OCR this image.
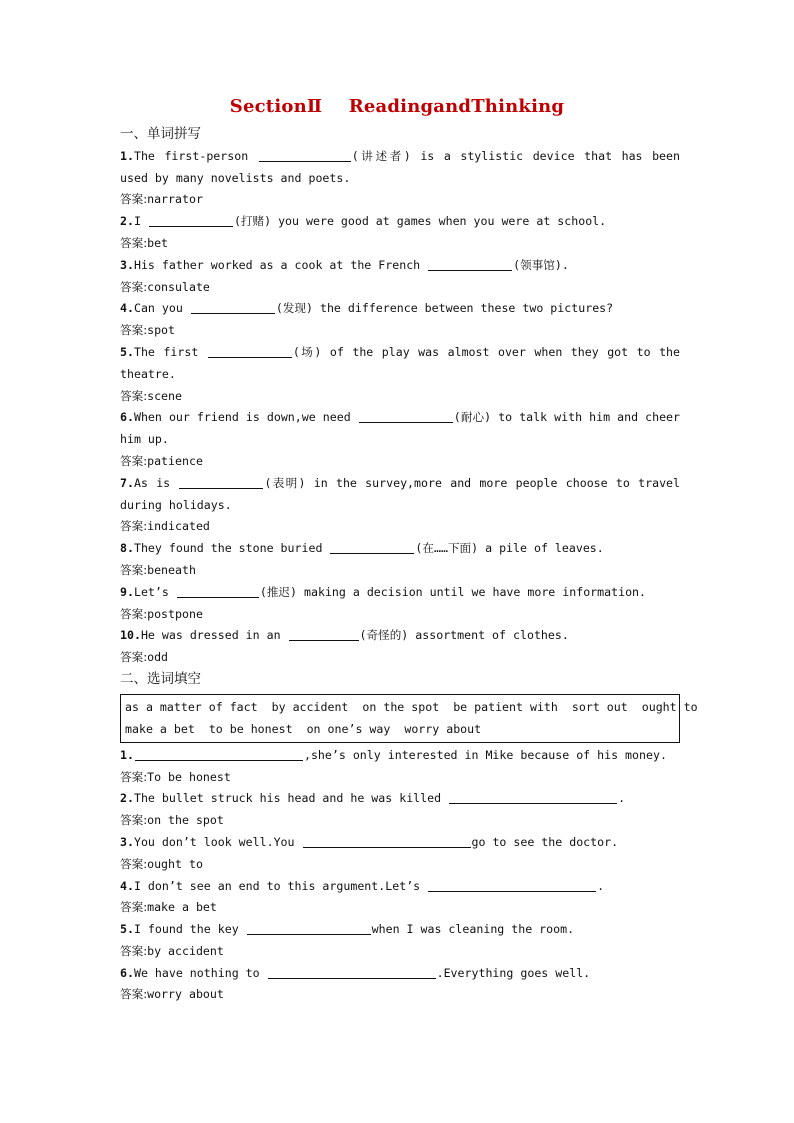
SectionⅡ ReadingandThinking
一、单词拼写
1.The first-person	(讲述者) is a stylistic device that has been used by many novelists and poets.
答案:narrator
2.I	(打赌) you were good at games when you were at school.
答案:bet
3.His father worked as a cook at the French	(领事馆).
答案:consulate
4.Can you	(发现) the difference between these two pictures?
答案:spot
5.The first	(场) of the play was almost over when they got to the theatre.
答案:scene
6.When our friend is down,we need	(耐心) to talk with him and cheer him up.
答案:patience
7.As is	(表明) in the survey,more and more people choose to travel during holidays.
答案:indicated
8.They found the stone buried	(在……下面) a pile of leaves.
答案:beneath
9.Let’s	(推迟) making a decision until we have more information.
答案:postpone
10.He was dressed in an	(奇怪的) assortment of clothes.
答案:odd
二、选词填空
as a matter of fact by accident on the spot be patient with sort out ought to
make a bet to be honest on one’s way worry about
1.	,she’s only interested in Mike because of his money.
答案:To be honest
2.The bullet struck his head and he was killed	.
答案:on the spot
3.You don’t look well.You	go to see the doctor.
答案:ought to
4.I don’t see an end to this argument.Let’s	.
答案:make a bet
5.I found the key	when I was cleaning the room.
答案:by accident
6.We have nothing to	.Everything goes well.
答案:worry about
